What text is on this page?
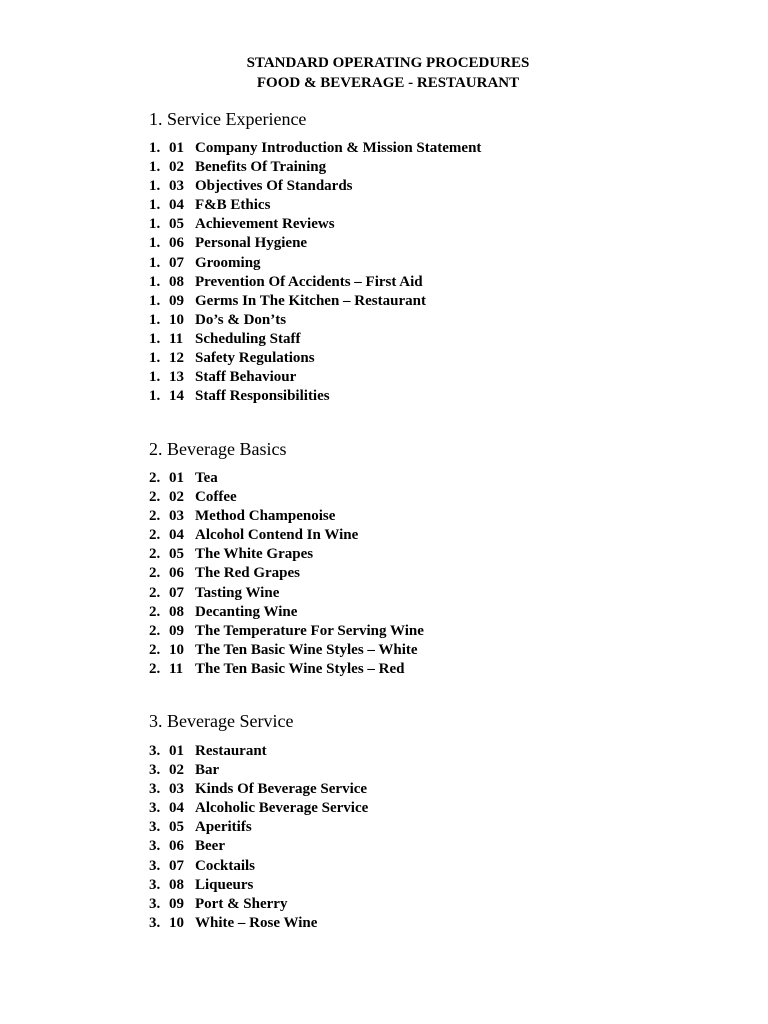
STANDARD OPERATING PROCEDURES
FOOD & BEVERAGE - RESTAURANT
1. Service Experience
1. 01 Company Introduction & Mission Statement
1. 02 Benefits Of Training
1. 03 Objectives Of Standards
1. 04 F&B Ethics
1. 05 Achievement Reviews
1. 06 Personal Hygiene
1. 07 Grooming
1. 08 Prevention Of Accidents – First Aid
1. 09 Germs In The Kitchen – Restaurant
1. 10 Do’s & Don’ts
1. 11 Scheduling Staff
1. 12 Safety Regulations
1. 13 Staff Behaviour
1. 14 Staff Responsibilities
2. Beverage Basics
2. 01 Tea
2. 02 Coffee
2. 03 Method Champenoise
2. 04 Alcohol Contend In Wine
2. 05 The White Grapes
2. 06 The Red Grapes
2. 07 Tasting Wine
2. 08 Decanting Wine
2. 09 The Temperature For Serving Wine
2. 10 The Ten Basic Wine Styles – White
2. 11 The Ten Basic Wine Styles – Red
3. Beverage Service
3. 01 Restaurant
3. 02 Bar
3. 03 Kinds Of Beverage Service
3. 04 Alcoholic Beverage Service
3. 05 Aperitifs
3. 06 Beer
3. 07 Cocktails
3. 08 Liqueurs
3. 09 Port & Sherry
3. 10 White – Rose Wine
